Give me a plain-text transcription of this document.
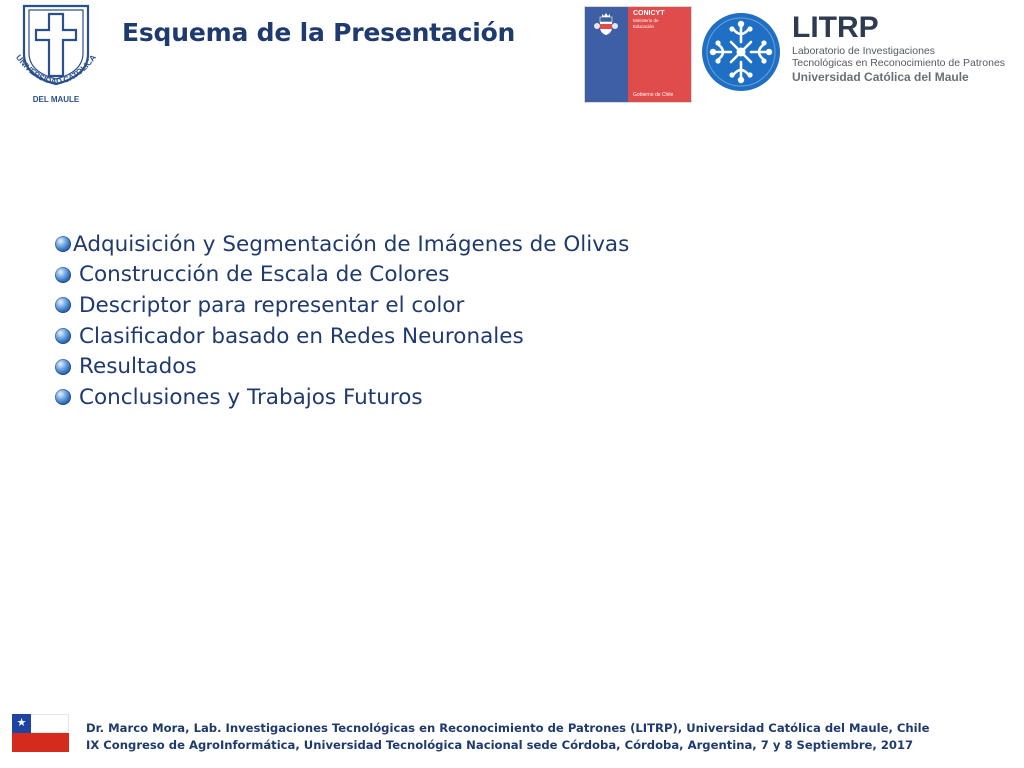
UNIVERSIDAD CATOLICA
DEL MAULE
Esquema de la Presentación
CONICYT
Ministerio de
Educación
Gobierno de Chile
LITRP
Laboratorio de Investigaciones
Tecnológicas en Reconocimiento de Patrones
Universidad Católica del Maule
Adquisición y Segmentación de Imágenes de Olivas
Construcción de Escala de Colores
Descriptor para representar el color
Clasificador basado en Redes Neuronales
Resultados
Conclusiones y Trabajos Futuros
★	Dr. Marco Mora, Lab. Investigaciones Tecnológicas en Reconocimiento de Patrones (LITRP), Universidad Católica del Maule, Chile
IX Congreso de AgroInformática, Universidad Tecnológica Nacional sede Córdoba, Córdoba, Argentina, 7 y 8 Septiembre, 2017
